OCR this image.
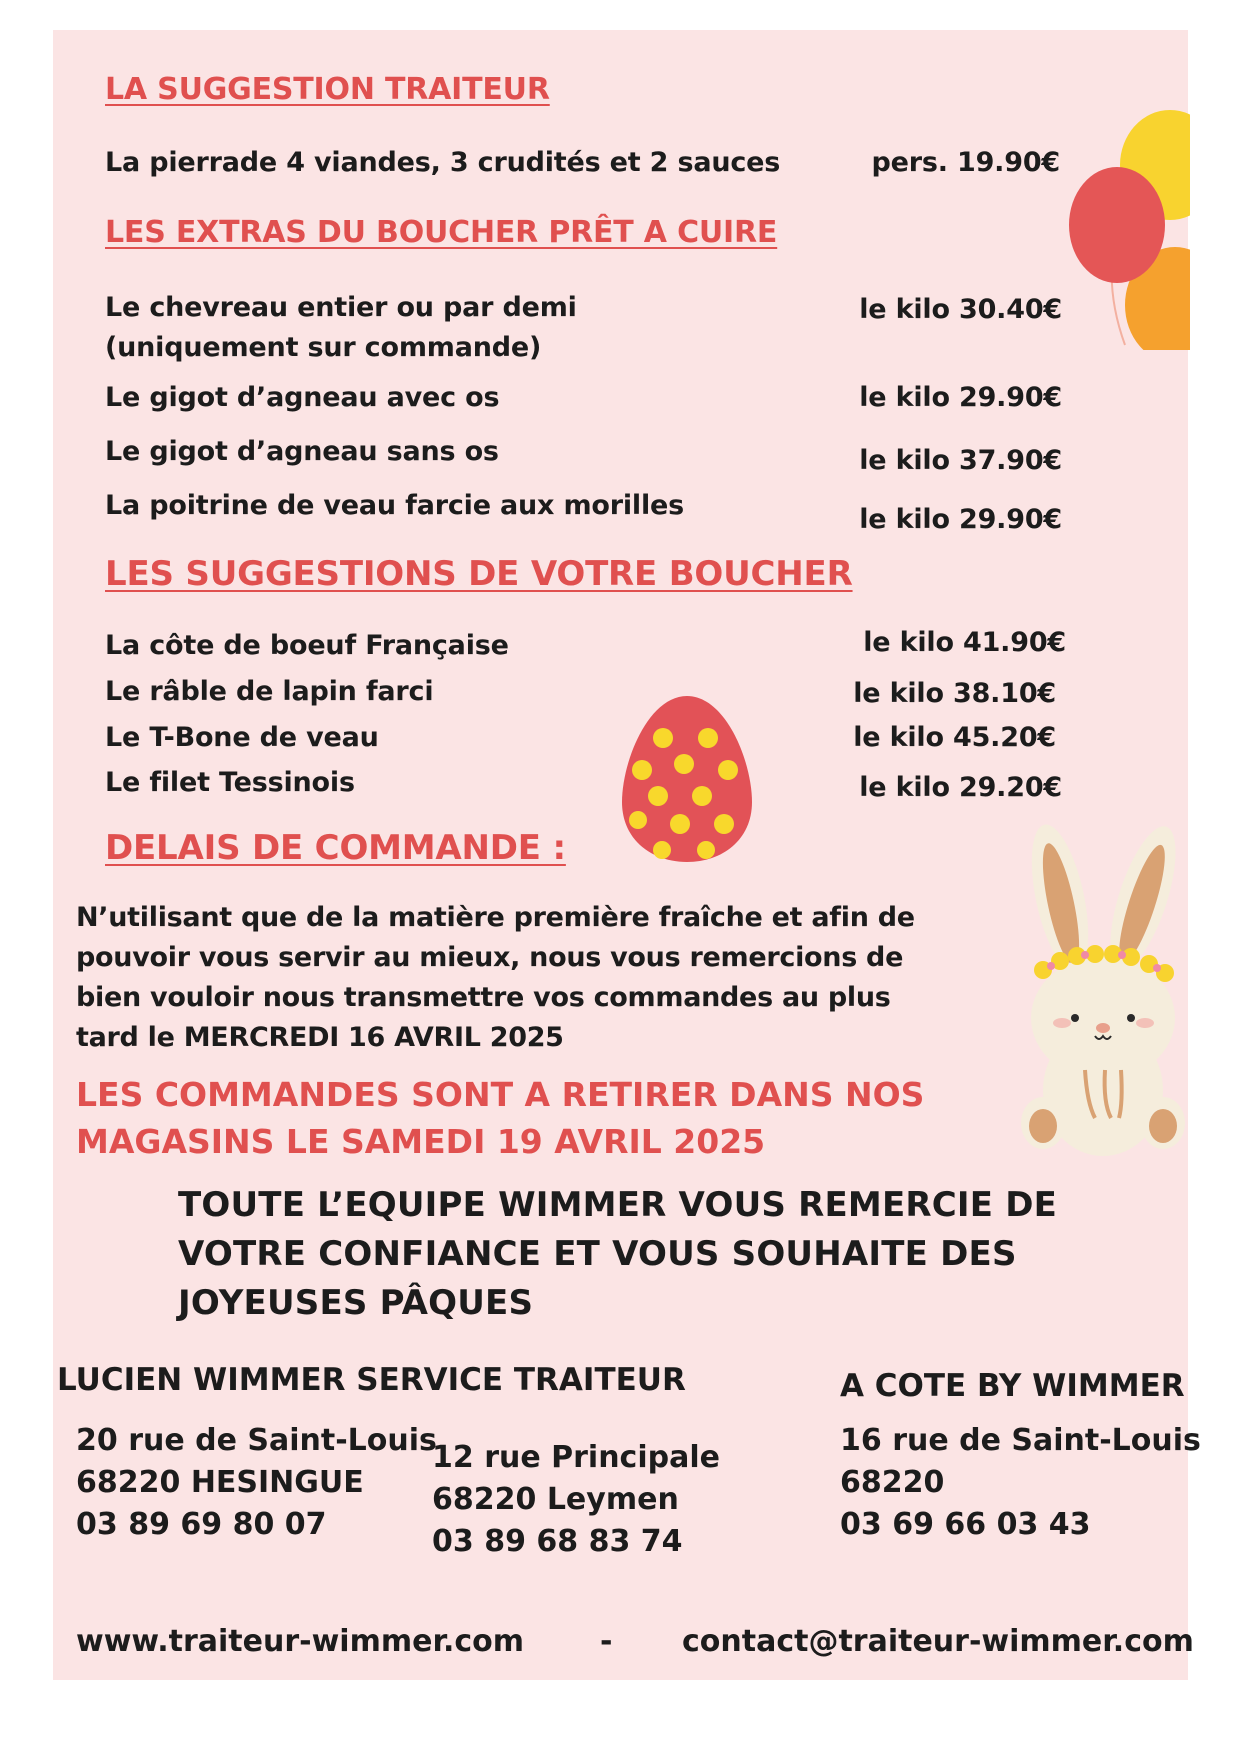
LA SUGGESTION TRAITEUR
La pierrade 4 viandes, 3 crudités et 2 sauces	pers. 19.90€
LES EXTRAS DU BOUCHER PRÊT A CUIRE
Le chevreau entier ou par demi
(uniquement sur commande)
le kilo 30.40€
Le gigot d’agneau avec os	le kilo 29.90€
Le gigot d’agneau sans os	le kilo 37.90€
La poitrine de veau farcie aux morilles	le kilo 29.90€
LES SUGGESTIONS DE VOTRE BOUCHER
La côte de boeuf Française	le kilo 41.90€
Le râble de lapin farci	le kilo 38.10€
Le T-Bone de veau	le kilo 45.20€
Le filet Tessinois	le kilo 29.20€
DELAIS DE COMMANDE :
N’utilisant que de la matière première fraîche et afin de pouvoir vous servir au mieux, nous vous remercions de bien vouloir nous transmettre vos commandes au plus tard le MERCREDI 16 AVRIL 2025
LES COMMANDES SONT A RETIRER DANS NOS MAGASINS LE SAMEDI 19 AVRIL 2025
TOUTE L’EQUIPE WIMMER VOUS REMERCIE DE VOTRE CONFIANCE ET VOUS SOUHAITE DES JOYEUSES PÂQUES
LUCIEN WIMMER SERVICE TRAITEUR	A COTE BY WIMMER
20 rue de Saint-Louis
68220 HESINGUE
03 89 69 80 07
12 rue Principale
68220 Leymen
03 89 68 83 74
16 rue de Saint-Louis
68220
03 69 66 03 43
www.traiteur-wimmer.com	- contact@traiteur-wimmer.com
